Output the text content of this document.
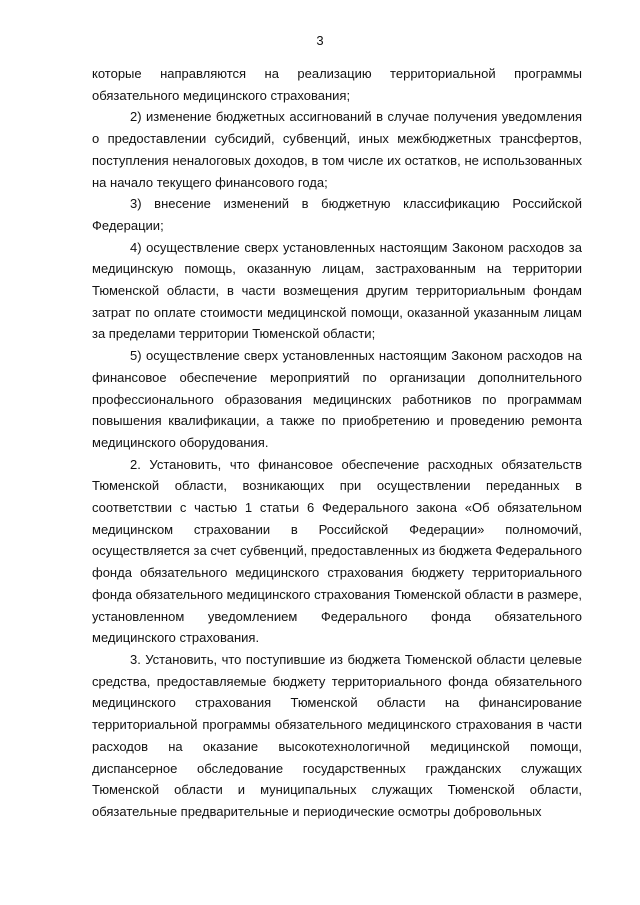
3

которые направляются на реализацию территориальной программы обязательного медицинского страхования;

2) изменение бюджетных ассигнований в случае получения уведомления о предоставлении субсидий, субвенций, иных межбюджетных трансфертов, поступления неналоговых доходов, в том числе их остатков, не использованных на начало текущего финансового года;

3) внесение изменений в бюджетную классификацию Российской Федерации;

4) осуществление сверх установленных настоящим Законом расходов за медицинскую помощь, оказанную лицам, застрахованным на территории Тюменской области, в части возмещения другим территориальным фондам затрат по оплате стоимости медицинской помощи, оказанной указанным лицам за пределами территории Тюменской области;

5) осуществление сверх установленных настоящим Законом расходов на финансовое обеспечение мероприятий по организации дополнительного профессионального образования медицинских работников по программам повышения квалификации, а также по приобретению и проведению ремонта медицинского оборудования.

2. Установить, что финансовое обеспечение расходных обязательств Тюменской области, возникающих при осуществлении переданных в соответствии с частью 1 статьи 6 Федерального закона «Об обязательном медицинском страховании в Российской Федерации» полномочий, осуществляется за счет субвенций, предоставленных из бюджета Федерального фонда обязательного медицинского страхования бюджету территориального фонда обязательного медицинского страхования Тюменской области в размере, установленном уведомлением Федерального фонда обязательного медицинского страхования.

3. Установить, что поступившие из бюджета Тюменской области целевые средства, предоставляемые бюджету территориального фонда обязательного медицинского страхования Тюменской области на финансирование территориальной программы обязательного медицинского страхования в части расходов на оказание высокотехнологичной медицинской помощи, диспансерное обследование государственных гражданских служащих Тюменской области и муниципальных служащих Тюменской области, обязательные предварительные и периодические осмотры добровольных
